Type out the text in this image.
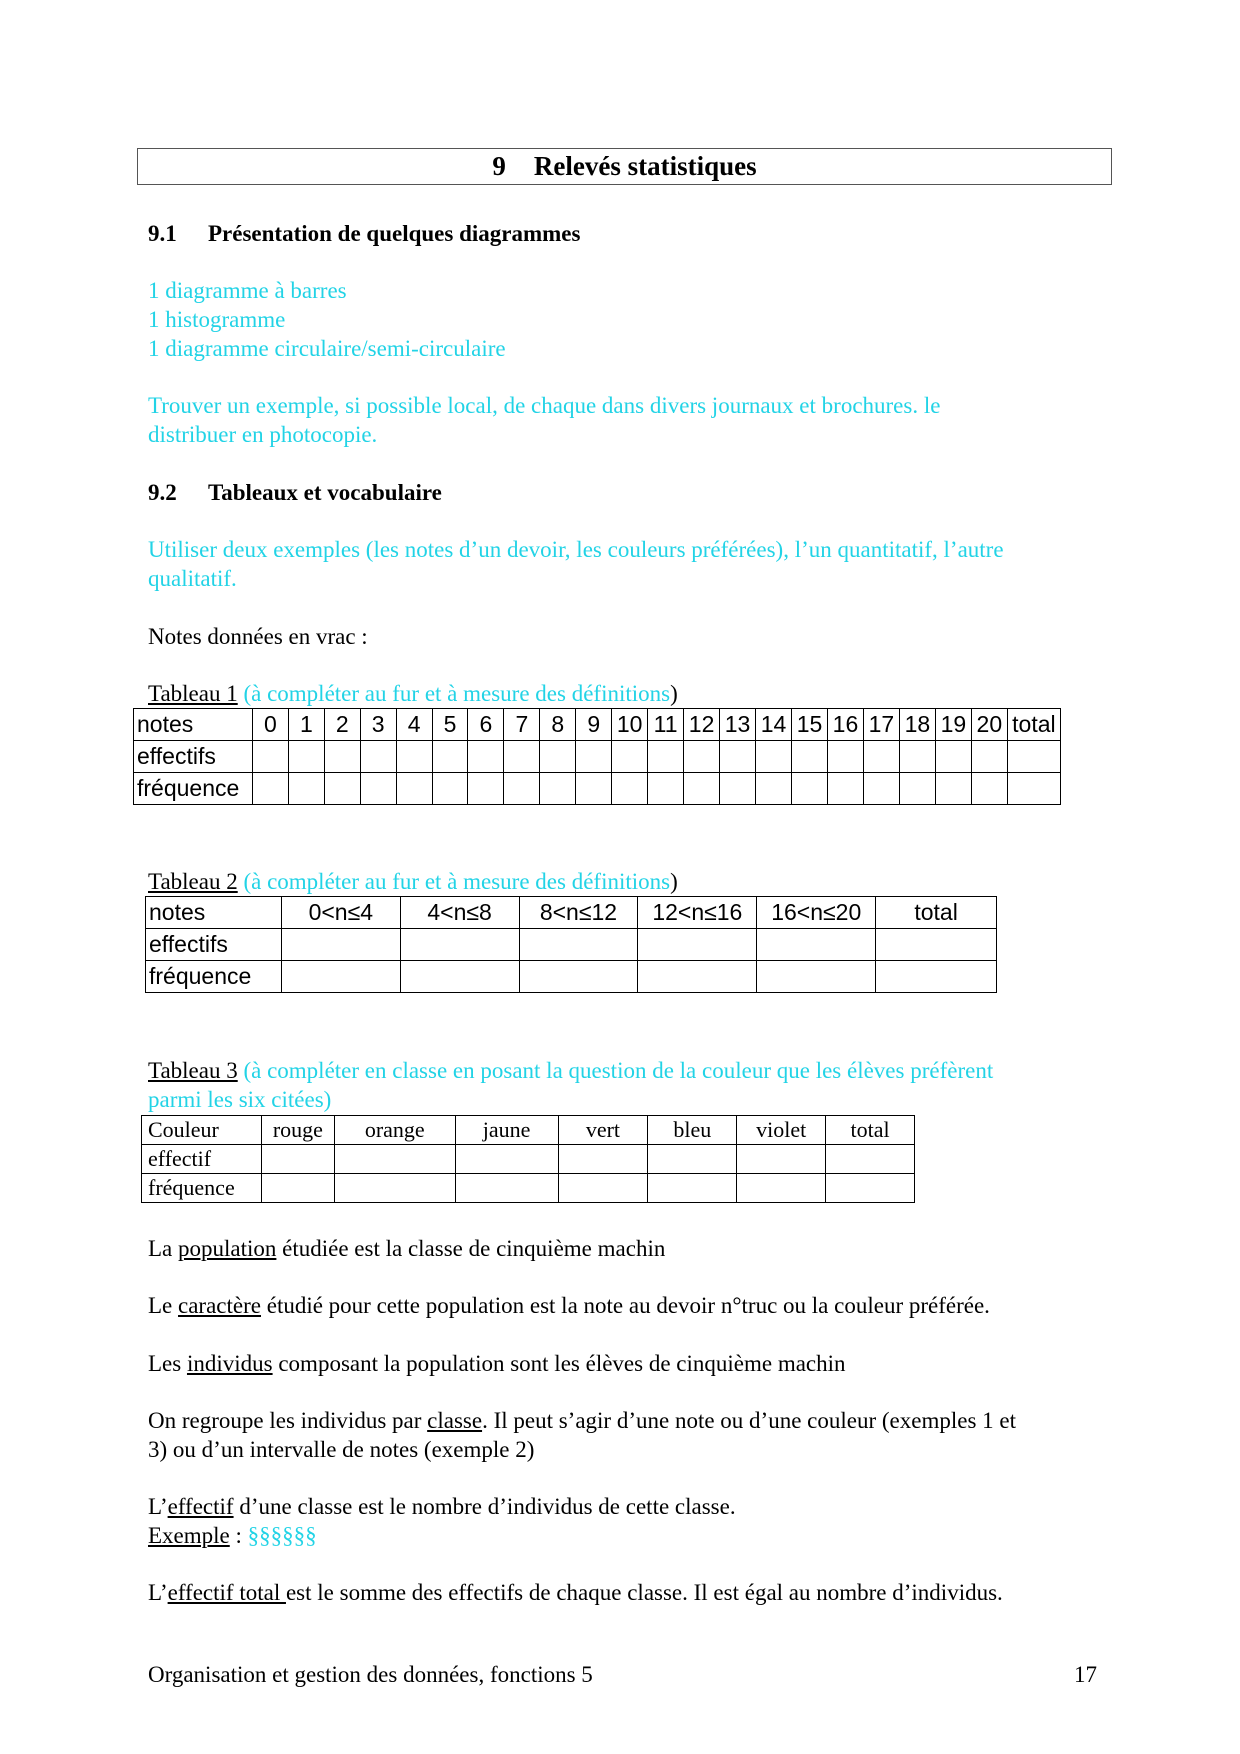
9 Relevés statistiques
9.1 Présentation de quelques diagrammes
1 diagramme à barres
1 histogramme
1 diagramme circulaire/semi-circulaire
Trouver un exemple, si possible local, de chaque dans divers journaux et brochures. le
distribuer en photocopie.
9.2 Tableaux et vocabulaire
Utiliser deux exemples (les notes d’un devoir, les couleurs préférées), l’un quantitatif, l’autre
qualitatif.
Notes données en vrac :
Tableau 1 (à compléter au fur et à mesure des définitions)
notes	0	1	2	3	4	5	6	7	8	9	10	11	12	13	14	15	16	17	18	19	20	total
effectifs																						
fréquence																						
Tableau 2 (à compléter au fur et à mesure des définitions)
notes	0<n≤4	4<n≤8	8<n≤12	12<n≤16	16<n≤20	total
effectifs						
fréquence						
Tableau 3 (à compléter en classe en posant la question de la couleur que les élèves préfèrent
parmi les six citées)
Couleur	rouge	orange	jaune	vert	bleu	violet	total
effectif							
fréquence							
La population étudiée est la classe de cinquième machin
Le caractère étudié pour cette population est la note au devoir n°truc ou la couleur préférée.
Les individus composant la population sont les élèves de cinquième machin
On regroupe les individus par classe. Il peut s’agir d’une note ou d’une couleur (exemples 1 et
3) ou d’un intervalle de notes (exemple 2)
L’effectif d’une classe est le nombre d’individus de cette classe.
Exemple : §§§§§§
L’effectif total est le somme des effectifs de chaque classe. Il est égal au nombre d’individus.
Organisation et gestion des données, fonctions 5	17
